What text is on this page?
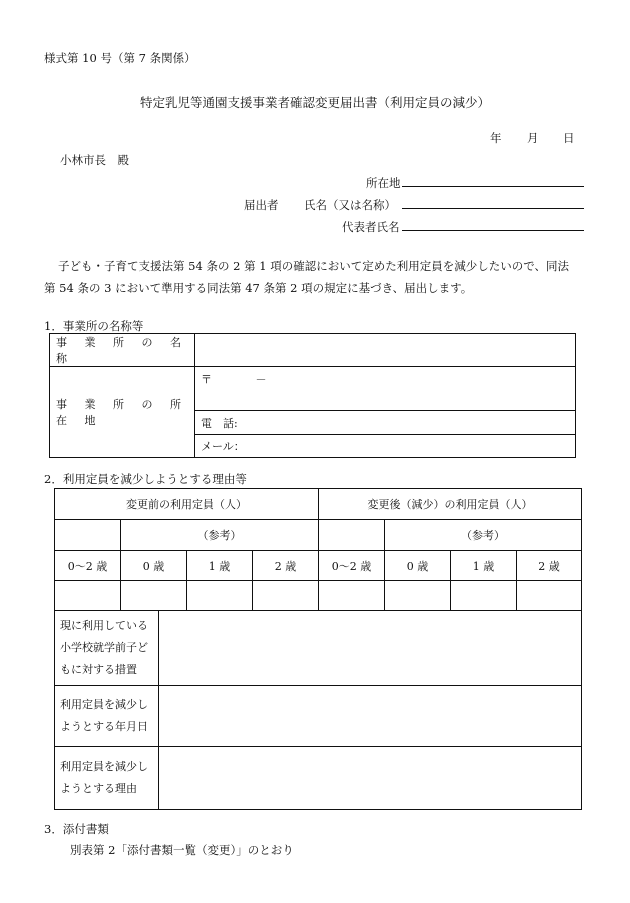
様式第 10 号（第 7 条関係）
特定乳児等通園支援事業者確認変更届出書（利用定員の減少）
年 月 日
小林市長　殿
所在地
届出者 氏名（又は名称）
代表者氏名
子ども・子育て支援法第 54 条の 2 第 1 項の確認において定めた利用定員を減少したいので、同法
第 54 条の 3 において準用する同法第 47 条第 2 項の規定に基づき、届出します。
1．事業所の名称等
事 業 所 の 名 称	
事 業 所 の 所 在 地	〒 －
	電　話:
	メール：
2．利用定員を減少しようとする理由等
変更前の利用定員（人）				変更後（減少）の利用定員（人）			
	（参考）				（参考）		
0～2 歳	0 歳	1 歳	2 歳	0～2 歳	0 歳	1 歳	2 歳

現に利用している小学校就学前子どもに対する措置	
利用定員を減少しようとする年月日	
利用定員を減少しようとする理由	
3．添付書類
別表第 2「添付書類一覧（変更）」のとおり
